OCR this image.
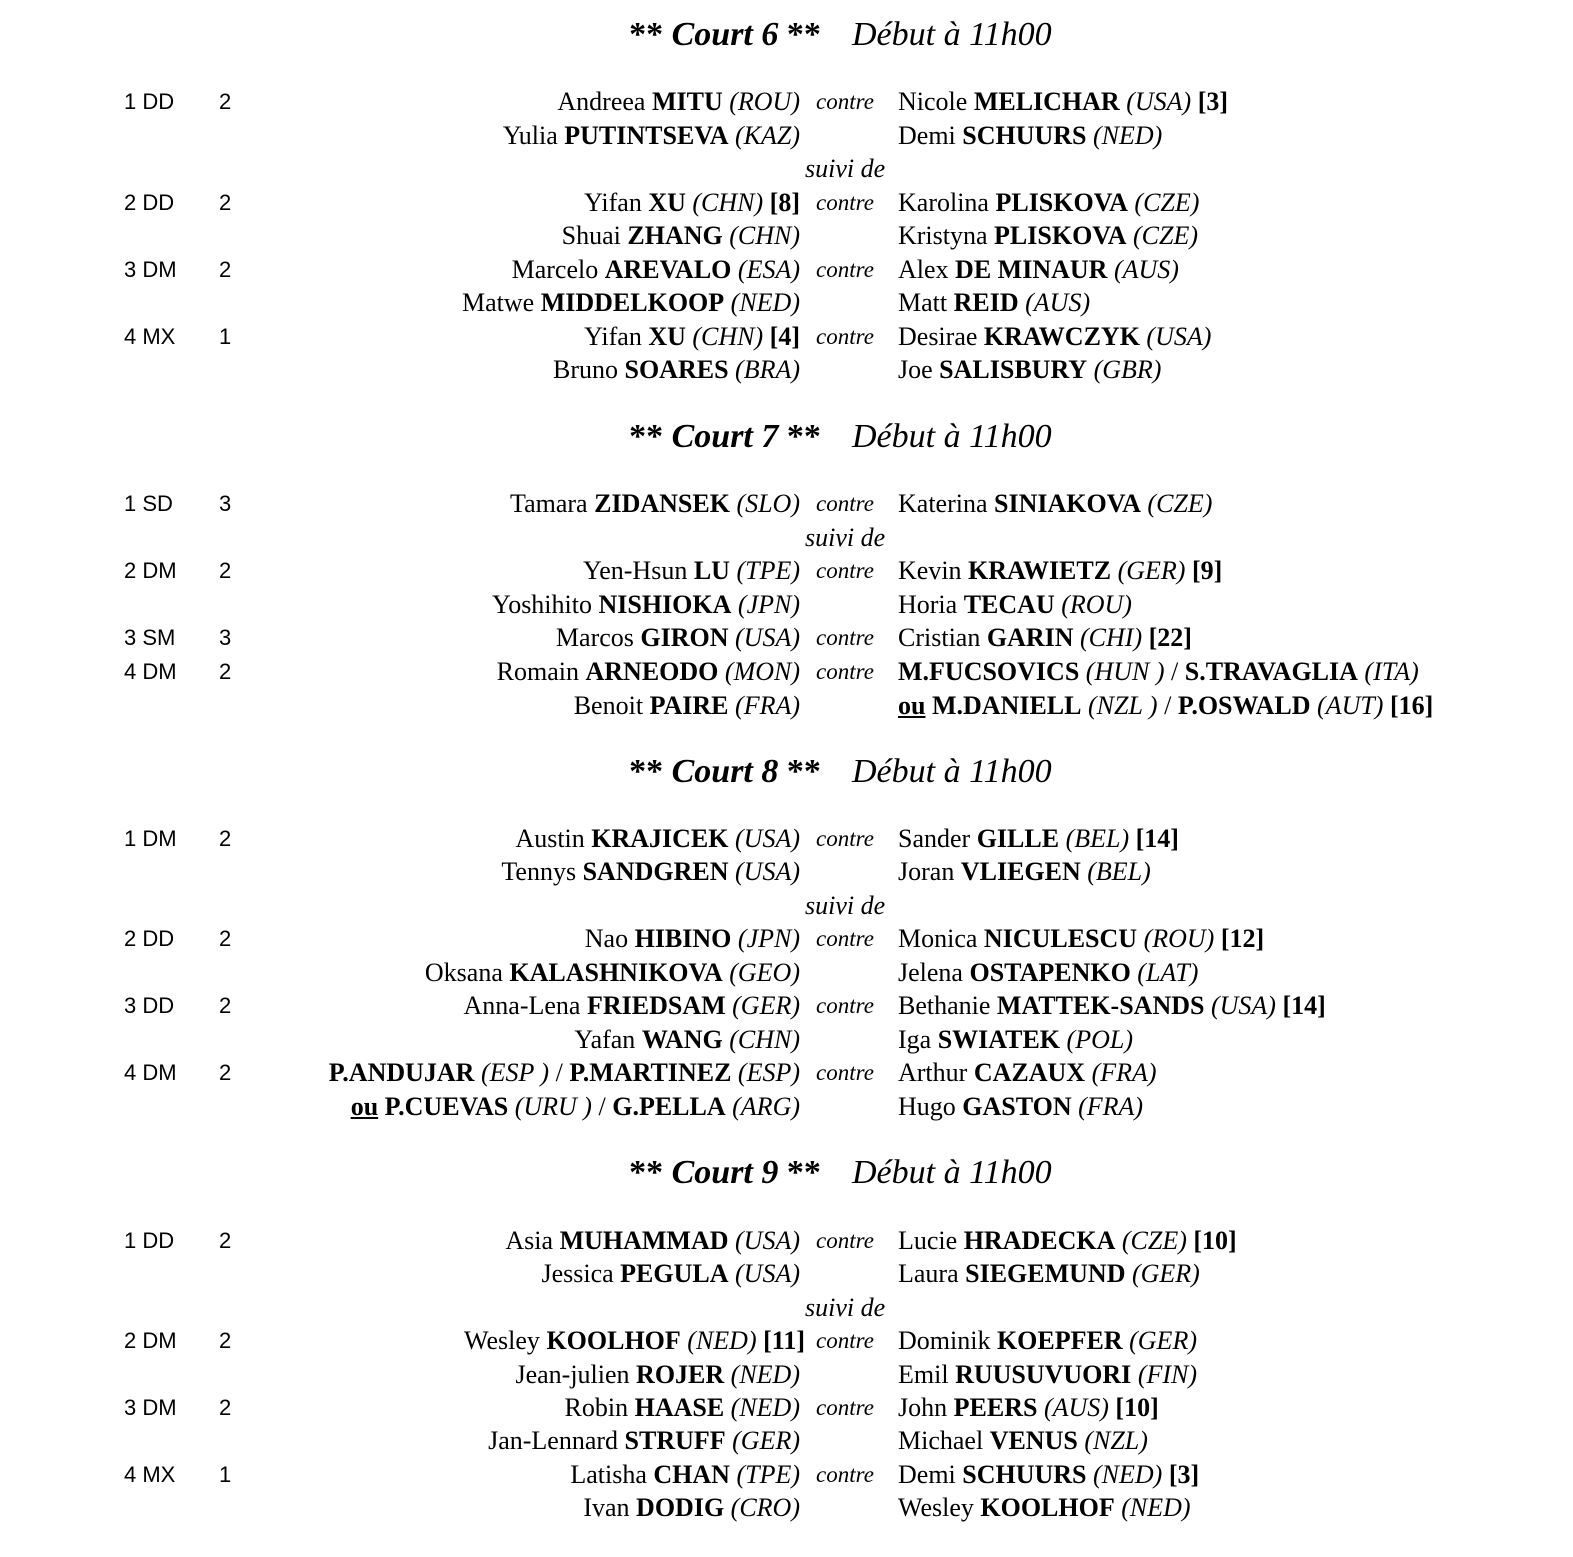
** Court 6 ** Début à 11h00
1 DD 2	Andreea MITU (ROU) contre Nicole MELICHAR (USA) [3]
Yulia PUTINTSEVA (KAZ)	Demi SCHUURS (NED)
suivi de
2 DD 2	Yifan XU (CHN) [8] contre Karolina PLISKOVA (CZE)
Shuai ZHANG (CHN)	Kristyna PLISKOVA (CZE)
3 DM 2	Marcelo AREVALO (ESA) contre Alex DE MINAUR (AUS)
Matwe MIDDELKOOP (NED)	Matt REID (AUS)
4 MX 1	Yifan XU (CHN) [4] contre Desirae KRAWCZYK (USA)
Bruno SOARES (BRA)	Joe SALISBURY (GBR)
** Court 7 ** Début à 11h00
1 SD 3	Tamara ZIDANSEK (SLO) contre Katerina SINIAKOVA (CZE)
suivi de
2 DM 2	Yen-Hsun LU (TPE) contre Kevin KRAWIETZ (GER) [9]
Yoshihito NISHIOKA (JPN)	Horia TECAU (ROU)
3 SM 3	Marcos GIRON (USA) contre Cristian GARIN (CHI) [22]
4 DM 2	Romain ARNEODO (MON) contre M.FUCSOVICS (HUN ) / S.TRAVAGLIA (ITA)
Benoit PAIRE (FRA)	ou M.DANIELL (NZL ) / P.OSWALD (AUT) [16]
** Court 8 ** Début à 11h00
1 DM 2	Austin KRAJICEK (USA) contre Sander GILLE (BEL) [14]
Tennys SANDGREN (USA)	Joran VLIEGEN (BEL)
suivi de
2 DD 2	Nao HIBINO (JPN) contre Monica NICULESCU (ROU) [12]
Oksana KALASHNIKOVA (GEO)	Jelena OSTAPENKO (LAT)
3 DD 2	Anna-Lena FRIEDSAM (GER) contre Bethanie MATTEK-SANDS (USA) [14]
Yafan WANG (CHN)	Iga SWIATEK (POL)
4 DM 2	P.ANDUJAR (ESP ) / P.MARTINEZ (ESP) contre Arthur CAZAUX (FRA)
ou P.CUEVAS (URU ) / G.PELLA (ARG)	Hugo GASTON (FRA)
** Court 9 ** Début à 11h00
1 DD 2	Asia MUHAMMAD (USA) contre Lucie HRADECKA (CZE) [10]
Jessica PEGULA (USA)	Laura SIEGEMUND (GER)
suivi de
2 DM 2	Wesley KOOLHOF (NED) [11] contre Dominik KOEPFER (GER)
Jean-julien ROJER (NED)	Emil RUUSUVUORI (FIN)
3 DM 2	Robin HAASE (NED) contre John PEERS (AUS) [10]
Jan-Lennard STRUFF (GER)	Michael VENUS (NZL)
4 MX 1	Latisha CHAN (TPE) contre Demi SCHUURS (NED) [3]
Ivan DODIG (CRO)	Wesley KOOLHOF (NED)
